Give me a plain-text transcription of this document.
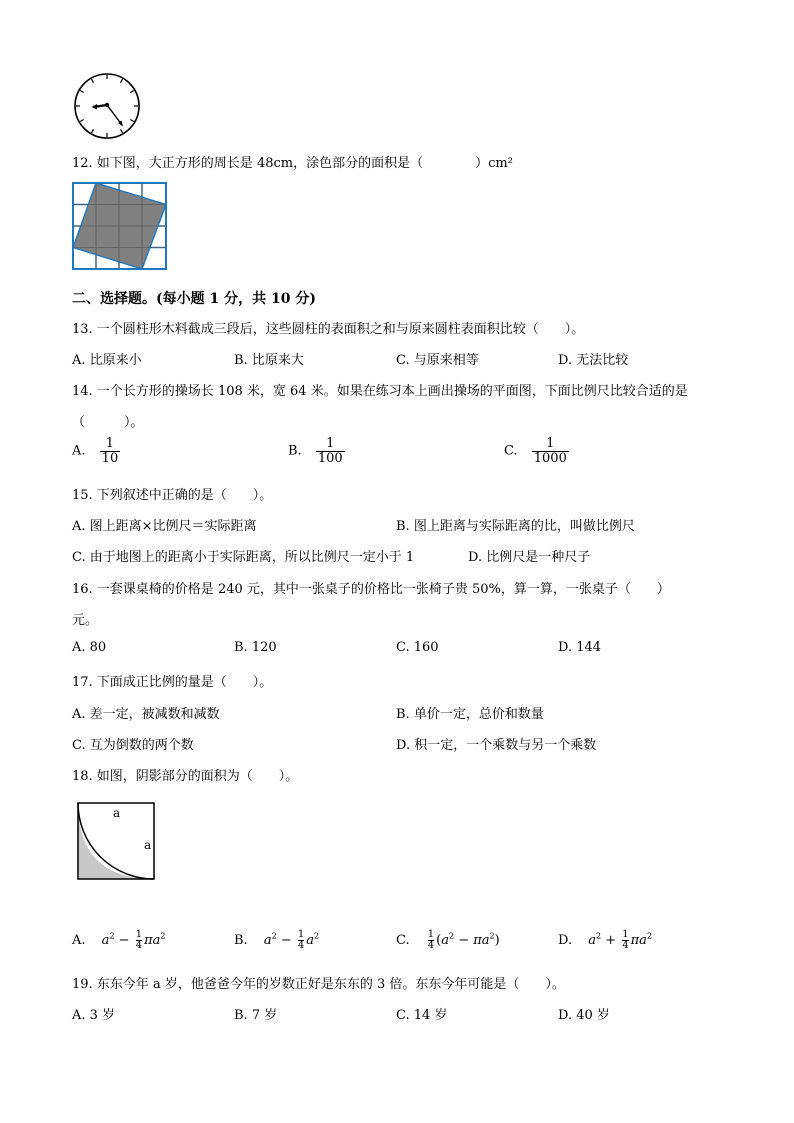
12. 如下图，大正方形的周长是 48cm，涂色部分的面积是（　　　　）cm²
二、选择题。(每小题 1 分，共 10 分)
13. 一个圆柱形木料截成三段后，这些圆柱的表面积之和与原来圆柱表面积比较（　　）。
A. 比原来小	B. 比原来大	C. 与原来相等	D. 无法比较
14. 一个长方形的操场长 108 米，宽 64 米。如果在练习本上画出操场的平面图，下面比例尺比较合适的是
（　　　）。
A. $\frac{1}{10}$	B. $\frac{1}{100}$	C. $\frac{1}{1000}$
15. 下列叙述中正确的是（　　）。
A. 图上距离×比例尺＝实际距离	B. 图上距离与实际距离的比，叫做比例尺
C. 由于地图上的距离小于实际距离，所以比例尺一定小于 1	D. 比例尺是一种尺子
16. 一套课桌椅的价格是 240 元，其中一张桌子的价格比一张椅子贵 50%，算一算，一张桌子（　　）
元。
A. 80	B. 120	C. 160	D. 144
17. 下面成正比例的量是（　　）。
A. 差一定，被减数和减数	B. 单价一定，总价和数量
C. 互为倒数的两个数	D. 积一定，一个乘数与另一个乘数
18. 如图，阴影部分的面积为（　　）。
a
a
A. $a^2 - \frac{1}{4} \pi a^2$	B. $a^2 - \frac{1}{4} a^2$	C. $\frac{1}{4} (a^2 - \pi a^2)$	D. $a^2 + \frac{1}{4} \pi a^2$
19. 东东今年 a 岁，他爸爸今年的岁数正好是东东的 3 倍。东东今年可能是（　　）。
A. 3 岁	B. 7 岁	C. 14 岁	D. 40 岁
